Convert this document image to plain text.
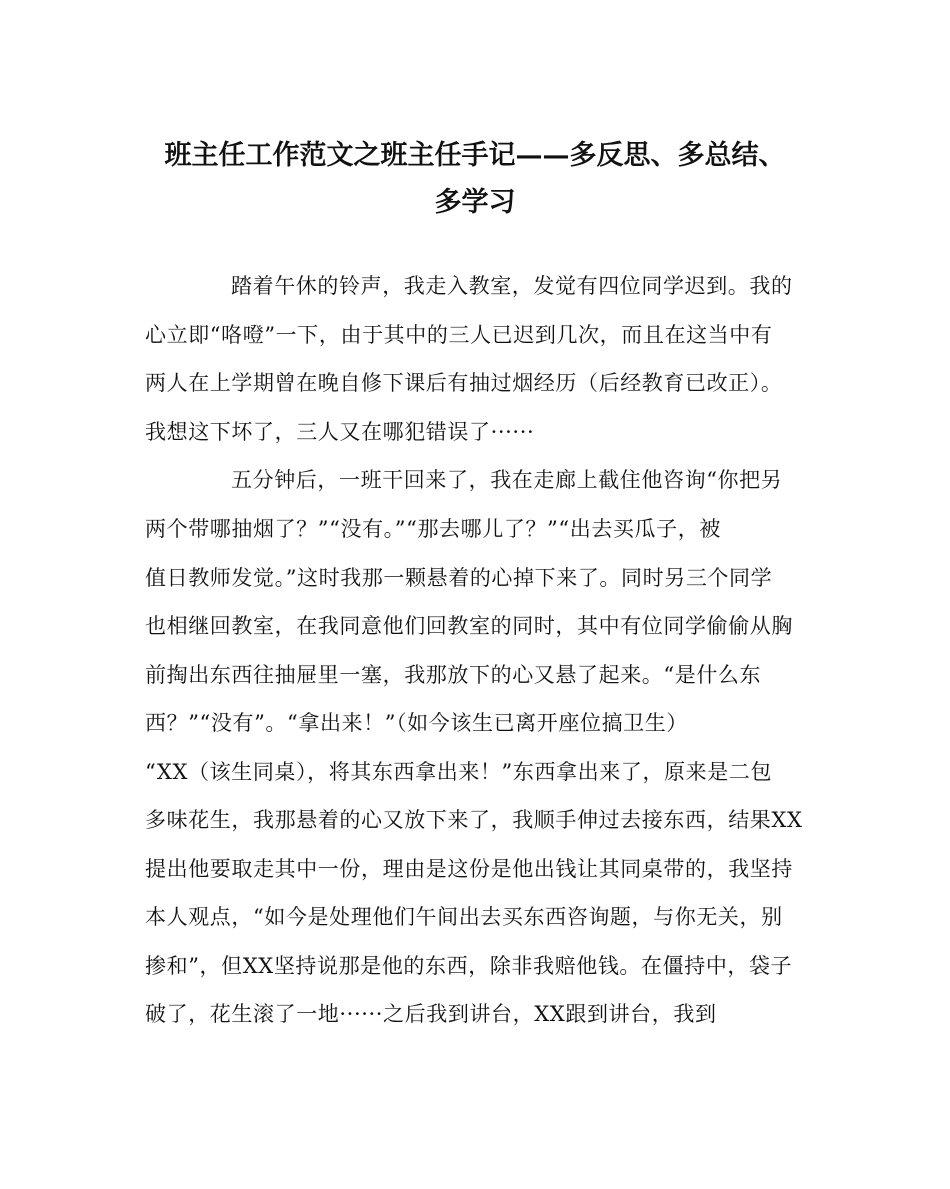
班主任工作范文之班主任手记——多反思、多总结、
多学习

踏着午休的铃声，我走入教室，发觉有四位同学迟到。我的

心立即“咯噔”一下，由于其中的三人已迟到几次，而且在这当中有

两人在上学期曾在晚自修下课后有抽过烟经历（后经教育已改正）。

我想这下坏了，三人又在哪犯错误了······

五分钟后，一班干回来了，我在走廊上截住他咨询“你把另

两个带哪抽烟了？”“没有。”“那去哪儿了？”“出去买瓜子，被

值日教师发觉。”这时我那一颗悬着的心掉下来了。同时另三个同学

也相继回教室，在我同意他们回教室的同时，其中有位同学偷偷从胸

前掏出东西往抽屉里一塞，我那放下的心又悬了起来。“是什么东

西？”“没有”。“拿出来！”（如今该生已离开座位搞卫生）

“XX（该生同桌），将其东西拿出来！”东西拿出来了，原来是二包

多味花生，我那悬着的心又放下来了，我顺手伸过去接东西，结果XX

提出他要取走其中一份，理由是这份是他出钱让其同桌带的，我坚持

本人观点，“如今是处理他们午间出去买东西咨询题，与你无关，别

掺和”，但XX坚持说那是他的东西，除非我赔他钱。在僵持中，袋子

破了，花生滚了一地······之后我到讲台，XX跟到讲台，我到
